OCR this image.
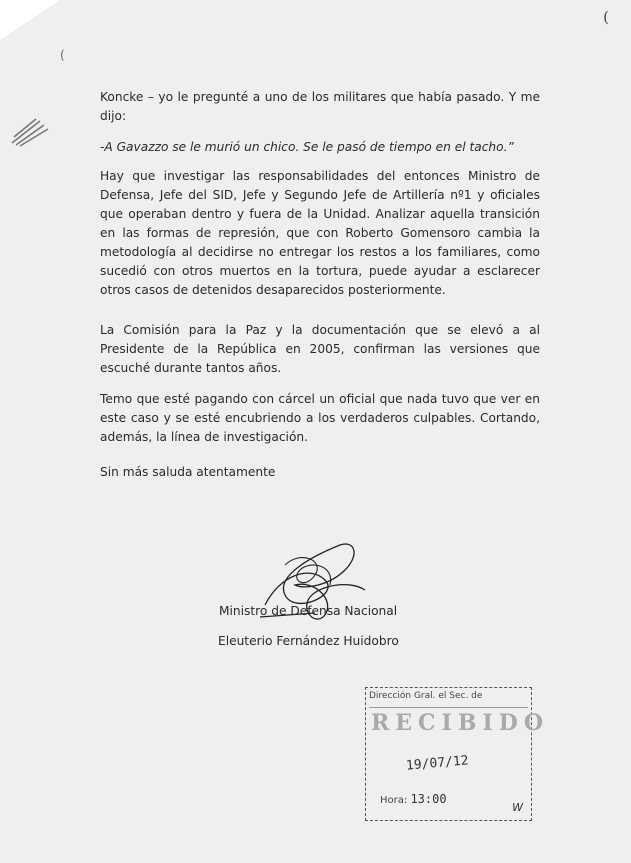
(
(

Koncke – yo le pregunté a uno de los militares que había pasado. Y me dijo:

-A Gavazzo se le murió un chico. Se le pasó de tiempo en el tacho.”

Hay que investigar las responsabilidades del entonces Ministro de Defensa, Jefe del SID, Jefe y Segundo Jefe de Artillería nº1 y oficiales que operaban dentro y fuera de la Unidad. Analizar aquella transición en las formas de represión, que con Roberto Gomensoro cambia la metodología al decidirse no entregar los restos a los familiares, como sucedió con otros muertos en la tortura, puede ayudar a esclarecer otros casos de detenidos desaparecidos posteriormente.

La Comisión para la Paz y la documentación que se elevó a al Presidente de la República en 2005, confirman las versiones que escuché durante tantos años.

Temo que esté pagando con cárcel un oficial que nada tuvo que ver en este caso y se esté encubriendo a los verdaderos culpables. Cortando, además, la línea de investigación.

Sin más saluda atentamente

Ministro de Defensa Nacional
Eleuterio Fernández Huidobro
Dirección Gral. el Sec. de
RECIBIDO
19/07/12
Hora: 13:00
W
